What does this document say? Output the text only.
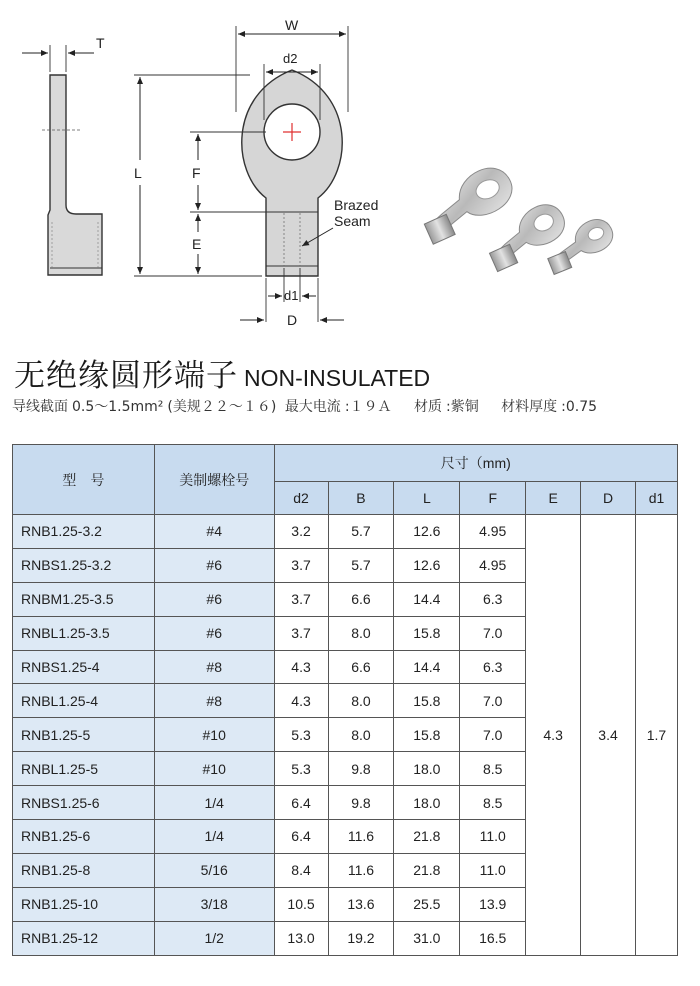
T
W
d2
L	F
E
d1
D
Brazed
Seam
无绝缘圆形端子 NON-INSULATED
导线截面 0.5～1.5mm² (美规２２～１６) 最大电流 :１９Ａ 材质 :紫铜 材料厚度 :0.75
型　号	美制螺栓号	尺寸（mm)						
		d2	B	L	F	E	D	d1
RNB1.25-3.2	#4	3.2	5.7	12.6	4.95	4.3	3.4	1.7
RNBS1.25-3.2	#6	3.7	5.7	12.6	4.95			
RNBM1.25-3.5	#6	3.7	6.6	14.4	6.3			
RNBL1.25-3.5	#6	3.7	8.0	15.8	7.0			
RNBS1.25-4	#8	4.3	6.6	14.4	6.3			
RNBL1.25-4	#8	4.3	8.0	15.8	7.0			
RNB1.25-5	#10	5.3	8.0	15.8	7.0			
RNBL1.25-5	#10	5.3	9.8	18.0	8.5			
RNBS1.25-6	1/4	6.4	9.8	18.0	8.5			
RNB1.25-6	1/4	6.4	11.6	21.8	11.0			
RNB1.25-8	5/16	8.4	11.6	21.8	11.0			
RNB1.25-10	3/18	10.5	13.6	25.5	13.9			
RNB1.25-12	1/2	13.0	19.2	31.0	16.5			
